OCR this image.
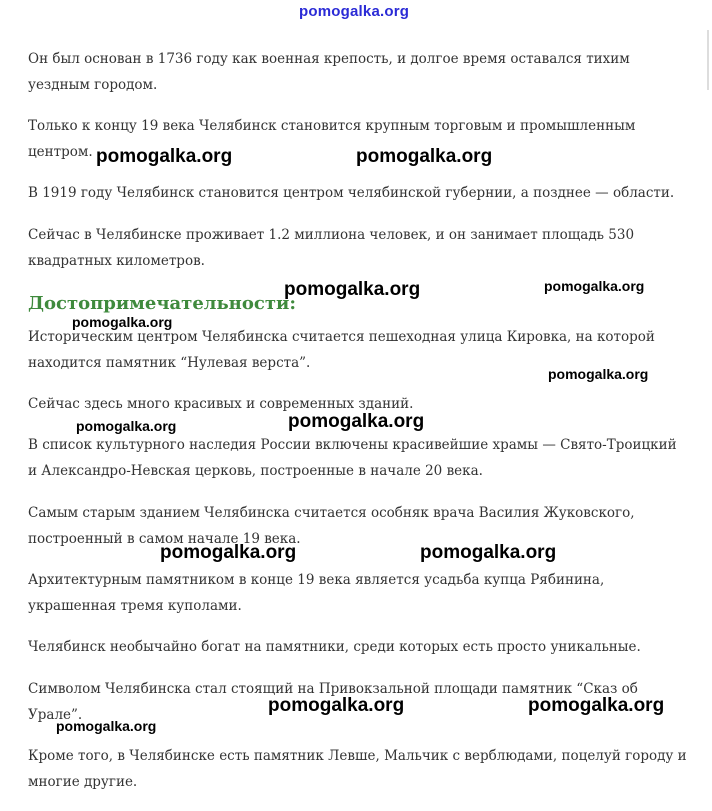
pomogalka.org
Он был основан в 1736 году как военная крепость, и долгое время оставался тихим уездным городом.
Только к концу 19 века Челябинск становится крупным торговым и промышленным центром.
В 1919 году Челябинск становится центром челябинской губернии, а позднее — области.
Сейчас в Челябинске проживает 1.2 миллиона человек, и он занимает площадь 530 квадратных километров.
Достопримечательности:
Историческим центром Челябинска считается пешеходная улица Кировка, на которой находится памятник “Нулевая верста”.
Сейчас здесь много красивых и современных зданий.
В список культурного наследия России включены красивейшие храмы — Свято-Троицкий и Александро-Невская церковь, построенные в начале 20 века.
Самым старым зданием Челябинска считается особняк врача Василия Жуковского, построенный в самом начале 19 века.
Архитектурным памятником в конце 19 века является усадьба купца Рябинина, украшенная тремя куполами.
Челябинск необычайно богат на памятники, среди которых есть просто уникальные.
Символом Челябинска стал стоящий на Привокзальной площади памятник “Сказ об Урале”.
Кроме того, в Челябинске есть памятник Левше, Мальчик с верблюдами, поцелуй городу и многие другие.
pomogalka.org	pomogalka.org
pomogalka.org	pomogalka.org
pomogalka.org
pomogalka.org
pomogalka.org
pomogalka.org
pomogalka.org	pomogalka.org
pomogalka.org	pomogalka.org
pomogalka.org
